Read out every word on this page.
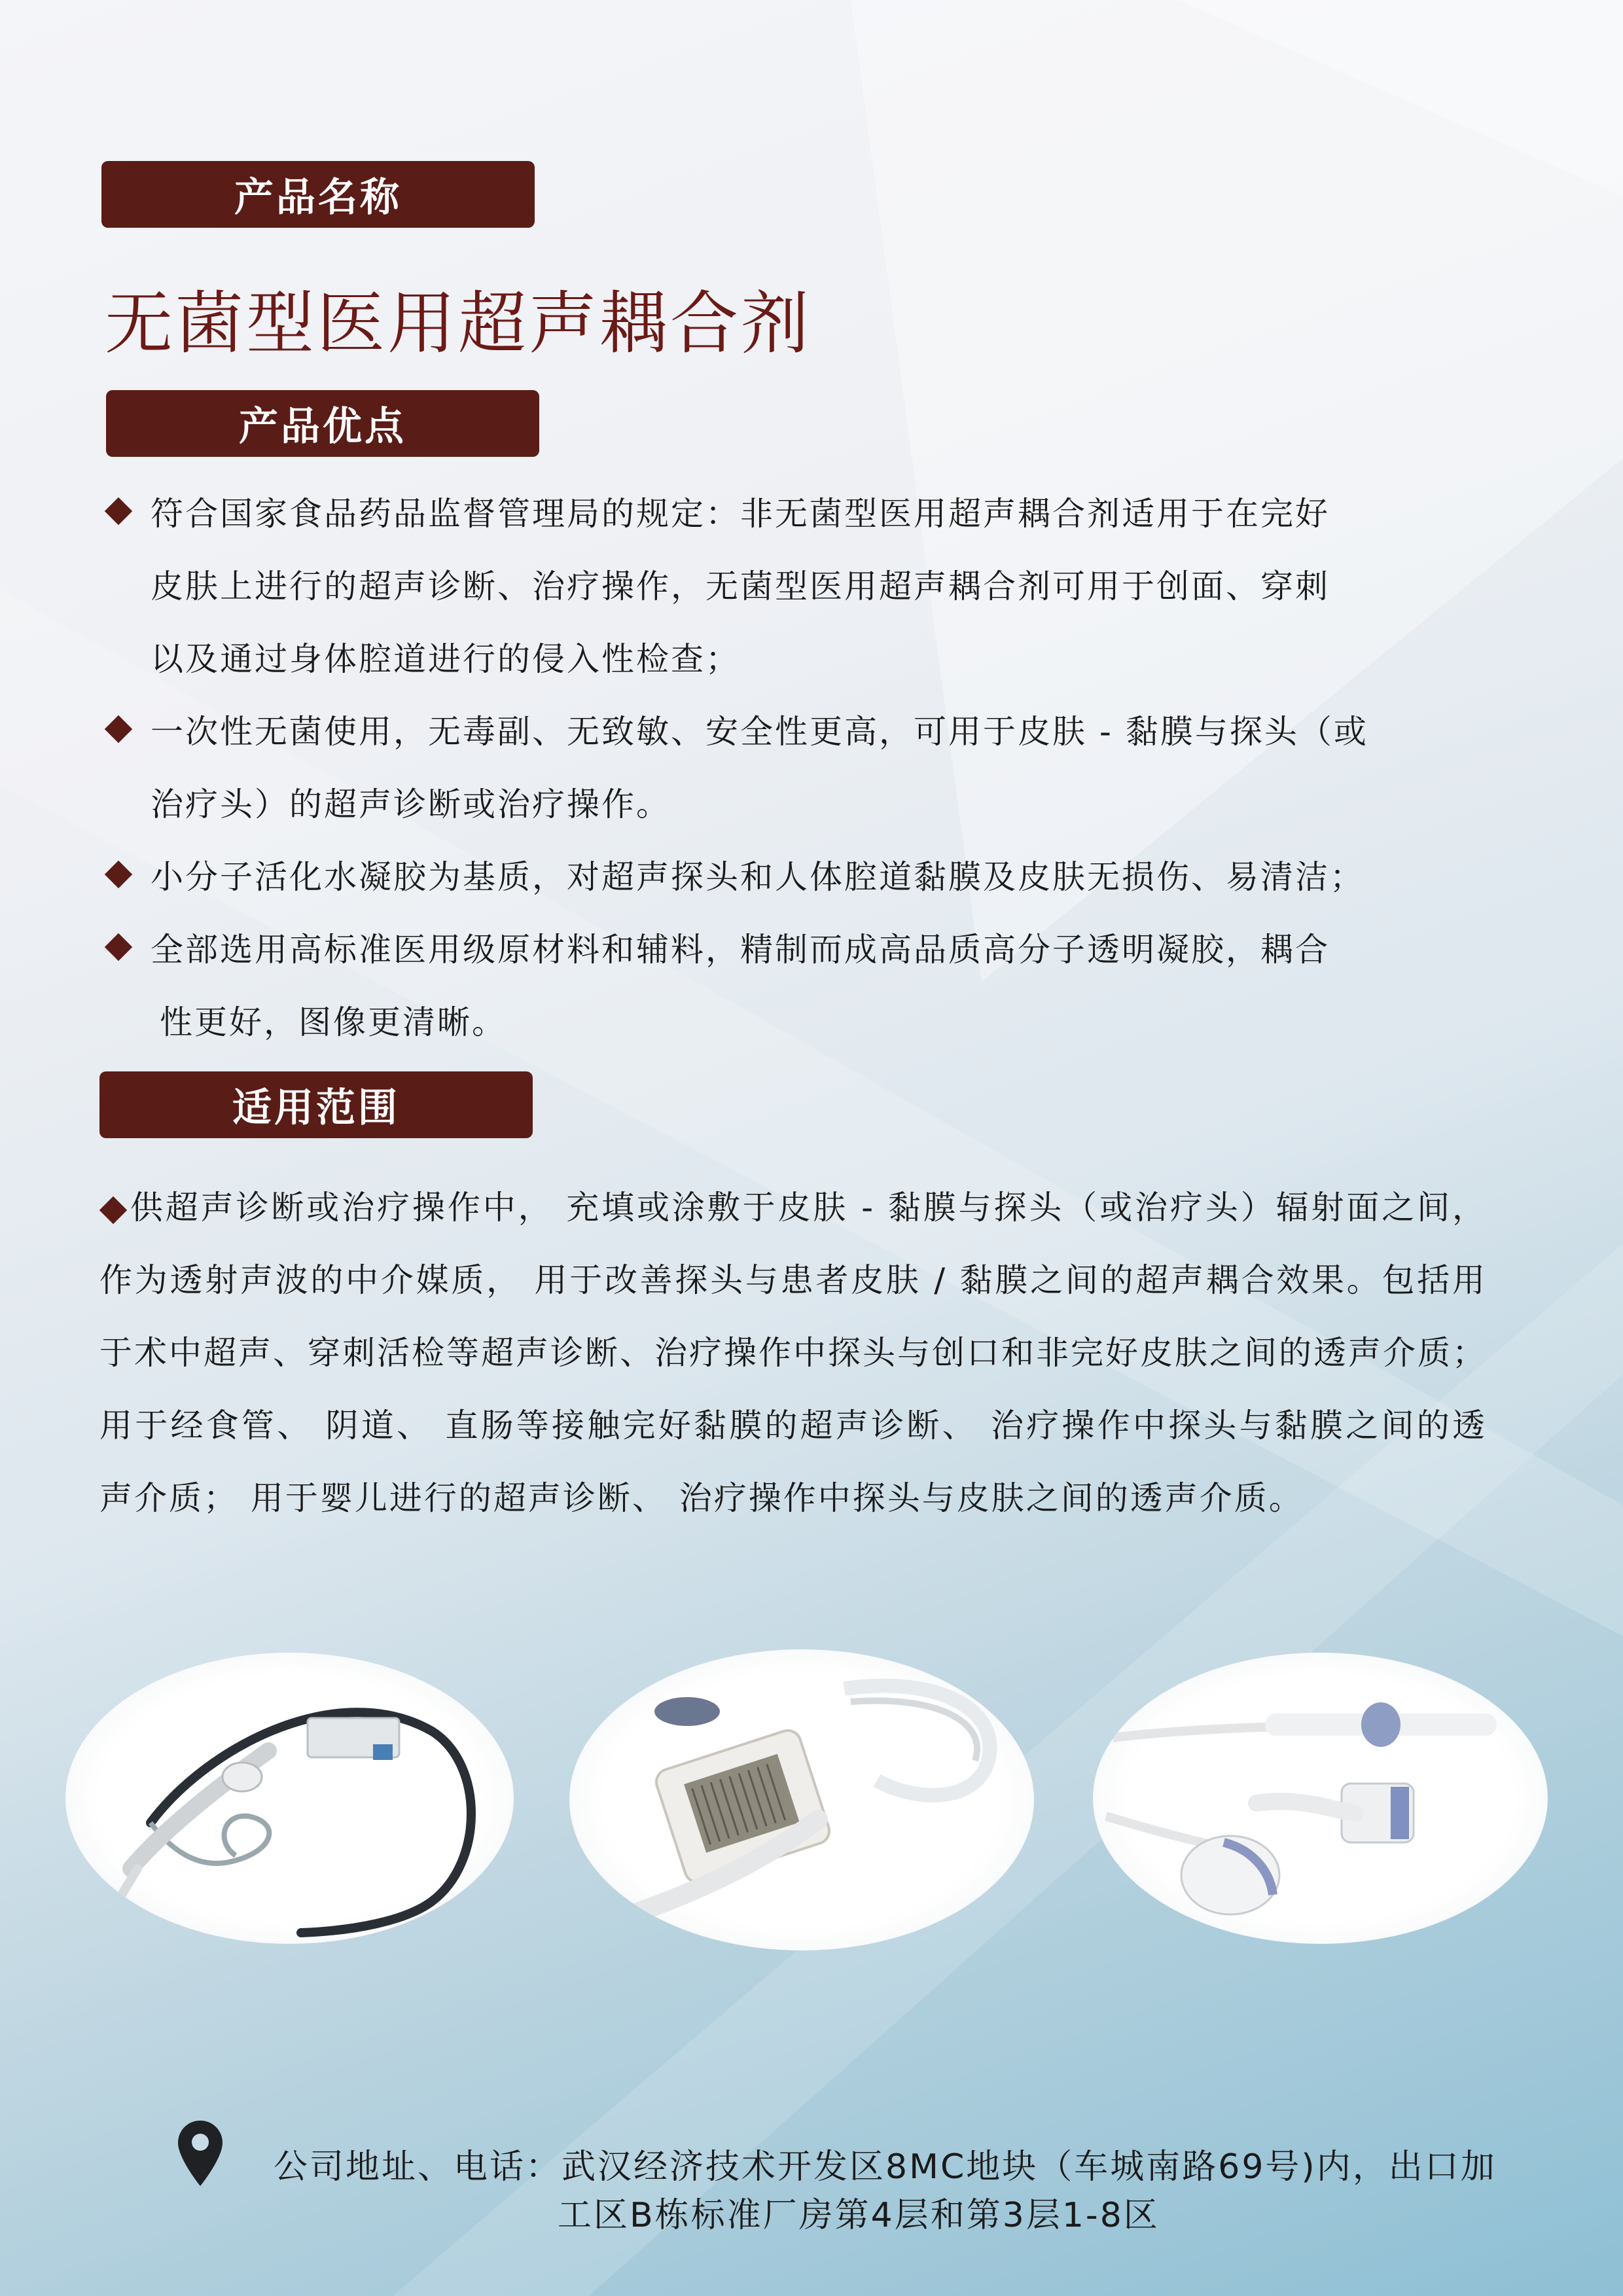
产品名称
无菌型医用超声耦合剂
产品优点
符合国家食品药品监督管理局的规定：非无菌型医用超声耦合剂适用于在完好
皮肤上进行的超声诊断、治疗操作，无菌型医用超声耦合剂可用于创面、穿刺
以及通过身体腔道进行的侵入性检查；
一次性无菌使用，无毒副、无致敏、安全性更高，可用于皮肤 - 黏膜与探头（或
治疗头）的超声诊断或治疗操作。
小分子活化水凝胶为基质，对超声探头和人体腔道黏膜及皮肤无损伤、易清洁；
全部选用高标准医用级原材料和辅料，精制而成高品质高分子透明凝胶，耦合
性更好，图像更清晰。
适用范围

供超声诊断或治疗操作中， 充填或涂敷于皮肤 - 黏膜与探头（或治疗头）辐射面之间， 作为透射声波的中介媒质， 用于改善探头与患者皮肤 / 黏膜之间的超声耦合效果。包括用于术中超声、穿刺活检等超声诊断、治疗操作中探头与创口和非完好皮肤之间的透声介质； 用于经食管、 阴道、 直肠等接触完好黏膜的超声诊断、 治疗操作中探头与黏膜之间的透声介质； 用于婴儿进行的超声诊断、 治疗操作中探头与皮肤之间的透声介质。

公司地址、电话：武汉经济技术开发区8MC地块（车城南路69号)内，出口加
工区B栋标准厂房第4层和第3层1-8区
